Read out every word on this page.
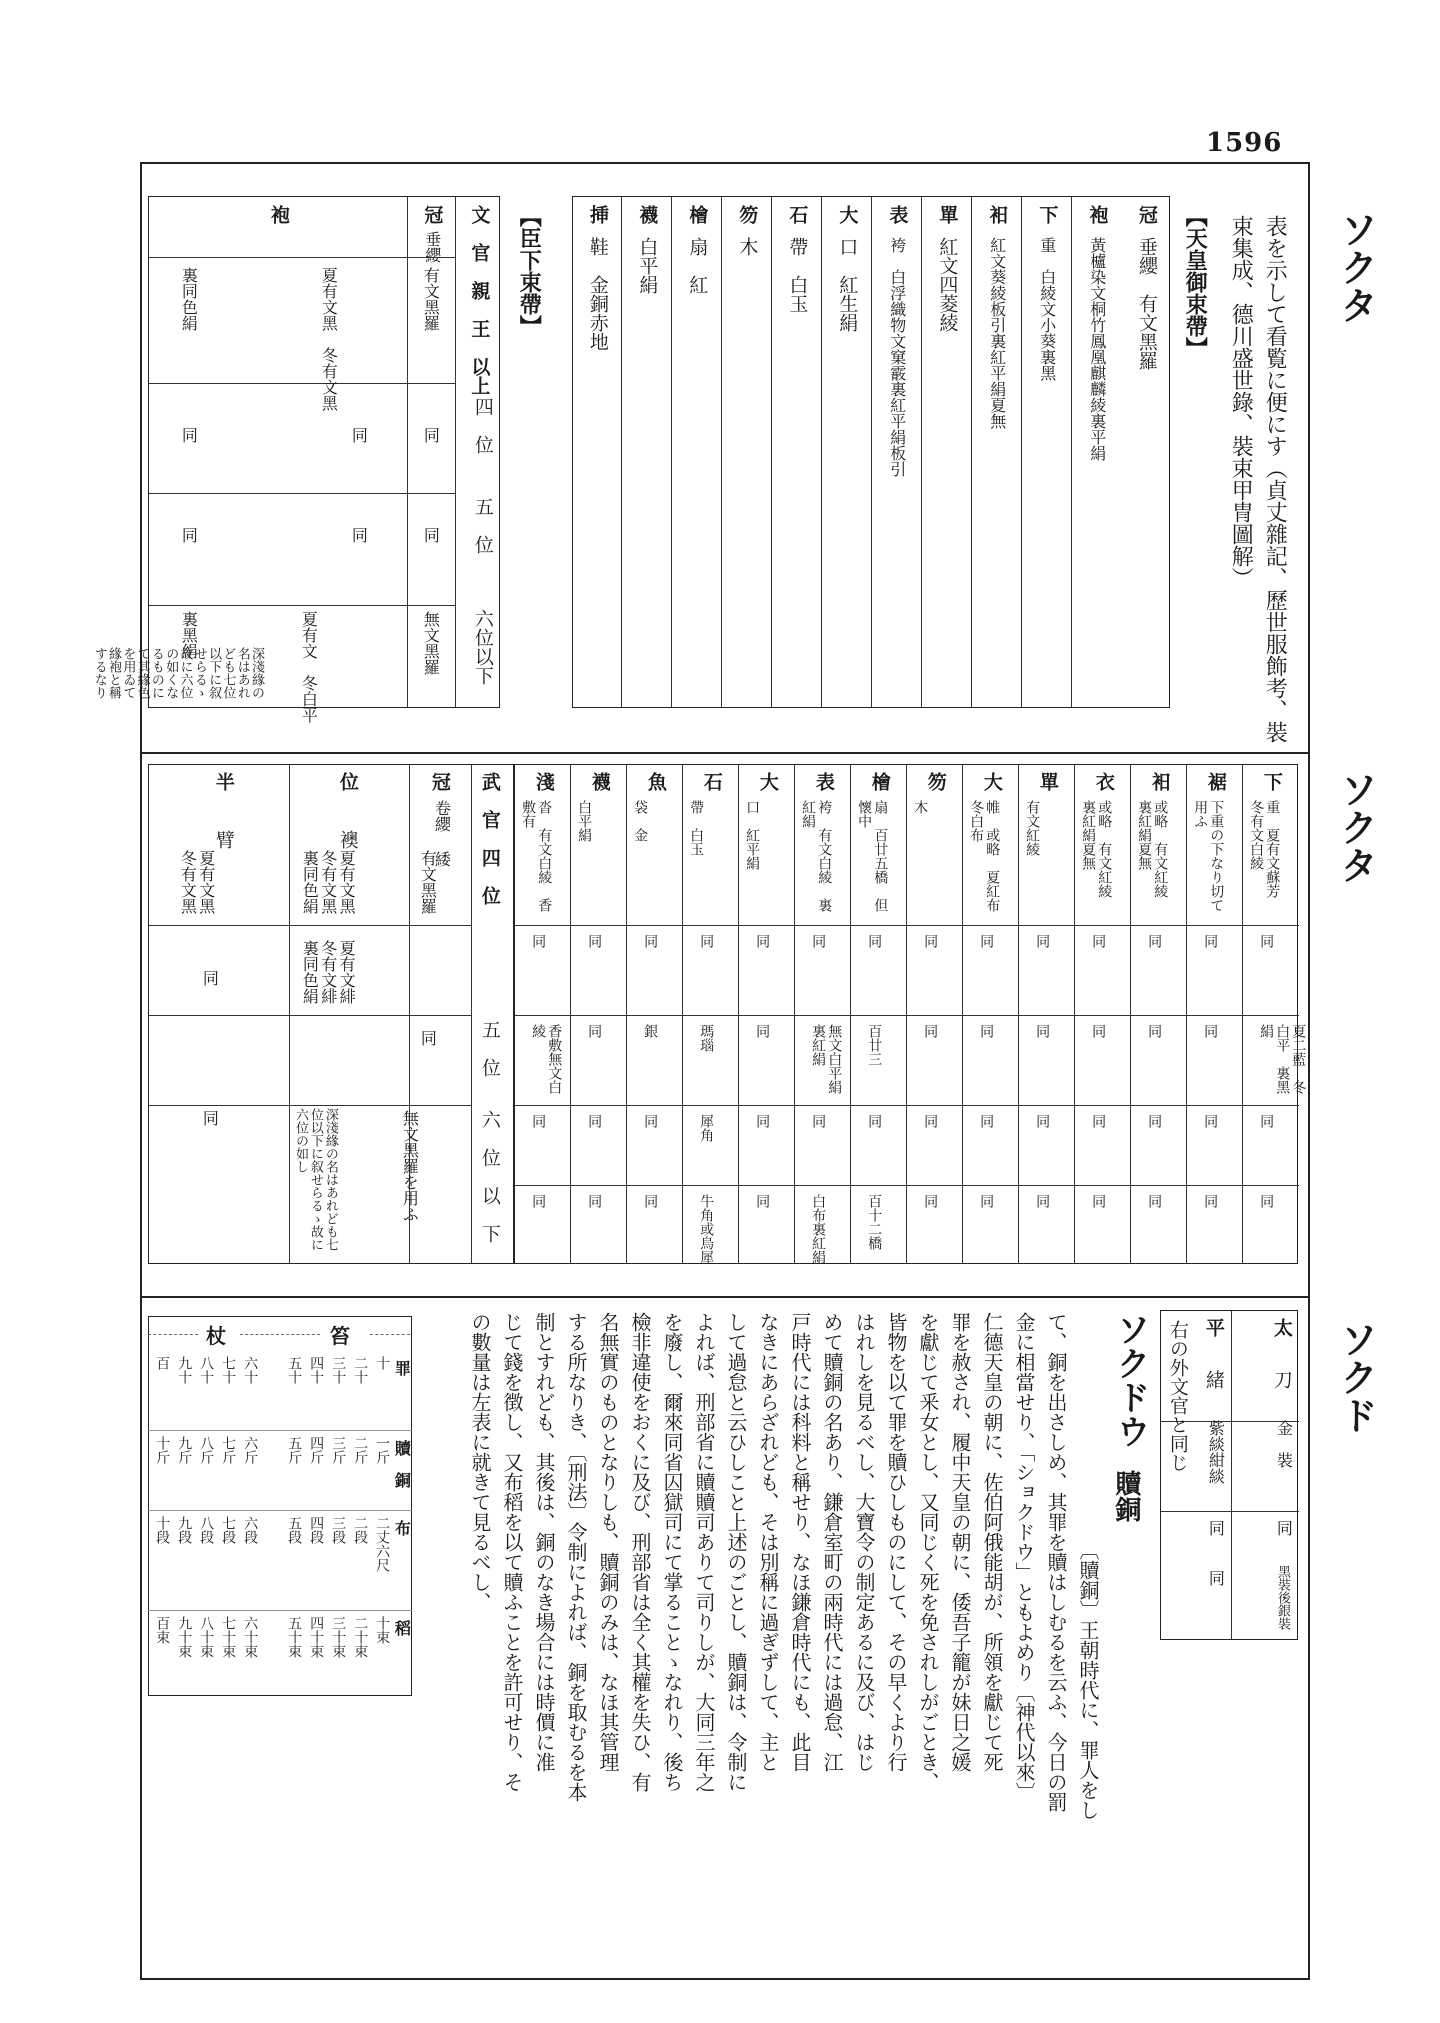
1596
ソクタ
ソクタ
ソクド
表を示して看覧に便にす（貞丈雜記、歷世服飾考、裝
束集成、德川盛世錄、裝束甲冑圖解）
【天皇御束帶】
冠
垂纓　有文黑羅
袍
黃櫨染文桐竹鳳凰麒麟綾裏平絹
下
重　白綾文小葵裏黑
衵
紅文葵綾板引裏紅平絹夏無
單
紅文四菱綾
表
袴　白浮織物文窠霰裏紅平絹板引
大
口　紅生絹
石
帶　白玉
笏
木
檜
扇　紅
襪
白平絹
挿
鞋　金銅赤地
【臣下束帶】
文　官　親　王　以上
冠
垂纓
袍
四　位
五　位
六位以下
有文黑羅
同
同
無文黑羅
夏有文黑　冬有文黑
同
同
夏有文　冬白平
裏同色絹
同
同
裏黑絹
深淺緣の名はあれども七位以下に叙せらるゝ故に六位の如くなるものにて其緣色を用ゐて緣袍と稱するなり
武　官　四　位
五　位
六　位　以　下
冠
卷纓 緌
有文黑羅
同
無文黑羅を用ふ
位
襖
夏有文黑　冬有文黑　裏同色絹
夏有文緋　冬有文緋　裏同色絹
深淺緣の名はあれども七位以下に叙せらるゝ故に六位の如し
半
臂
夏有文黑　冬有文黑
同
同
太
刀
金　裝
同
黑裝後銀裝
平
緒
紫緂紺緂
同
同
右の外文官と同じ
ソクドウ
贖銅
杖	笞
下
重　夏有文蘇芳　冬有文白綾
同
夏二藍　冬白平　裏黑絹
同
同
裾
下重の下なり切て用ふ
同
同
同
同
衵
或略　有文紅綾　裏紅絹夏無
同
同
同
同
衣
或略　有文紅綾　裏紅絹夏無
同
同
同
同
單
有文紅綾
同
同
同
同
大
帷　或略　夏紅布　冬白布
同
同
同
同
笏
木
同
同
同
同
檜
扇　百廿五橋　但懷中
同
百廿三
同
百十二橋
表
袴　有文白綾　裏紅絹
同
無文白平絹裏紅絹
同
白布裏紅絹
大
口　紅平絹
同
同
同
同
石
帶　白玉
同
瑪瑙
犀角
牛角或烏犀
魚
袋　金
同
銀
同
同
襪
白平絹
同
同
同
同
淺
沓　有文白綾　香敷有
同
香敷無文白綾
同
同
〔贖銅〕王朝時代に、罪人をし
て、銅を出さしめ、其罪を贖はしむるを云ふ、今日の罰
金に相當せり、「ショクドウ」ともよめり〔神代以來〕
仁德天皇の朝に、佐伯阿俄能胡が、所領を獻じて死
罪を赦され、履中天皇の朝に、倭吾子籠が妹日之媛
を獻じて釆女とし、又同じく死を免されしがごとき、
皆物を以て罪を贖ひしものにして、その早くより行
はれしを見るべし、大寶令の制定あるに及び、はじ
めて贖銅の名あり、鎌倉室町の兩時代には過怠、江
戸時代には科料と稱せり、なほ鎌倉時代にも、此目
なきにあらざれども、そは別稱に過ぎずして、主と
して過怠と云ひしこと上述のごとし、贖銅は、令制に
よれば、刑部省に贖贖司ありて司りしが、大同三年之
を廢し、爾來同省囚獄司にて掌ることゝなれり、後ち
檢非違使をおくに及び、刑部省は全く其權を失ひ、有
名無實のものとなりしも、贖銅のみは、なほ其管理
する所なりき、〔刑法〕令制によれば、銅を取むるを本
制とすれども、其後は、銅のなき場合には時價に准
じて錢を徴し、又布稻を以て贖ふことを許可せり、そ
の數量は左表に就きて見るべし、
罪
贖　銅
布
稻
百
十斤
十段
百束
九十
九斤
九段
九十束
八十
八斤
八段
八十束
七十
七斤
七段
七十束
六十
六斤
六段
六十束
五十
五斤
五段
五十束
四十
四斤
四段
四十束
三十
三斤
三段
三十束
二十
二斤
二段
二十束
十
一斤
二丈六尺
十束
